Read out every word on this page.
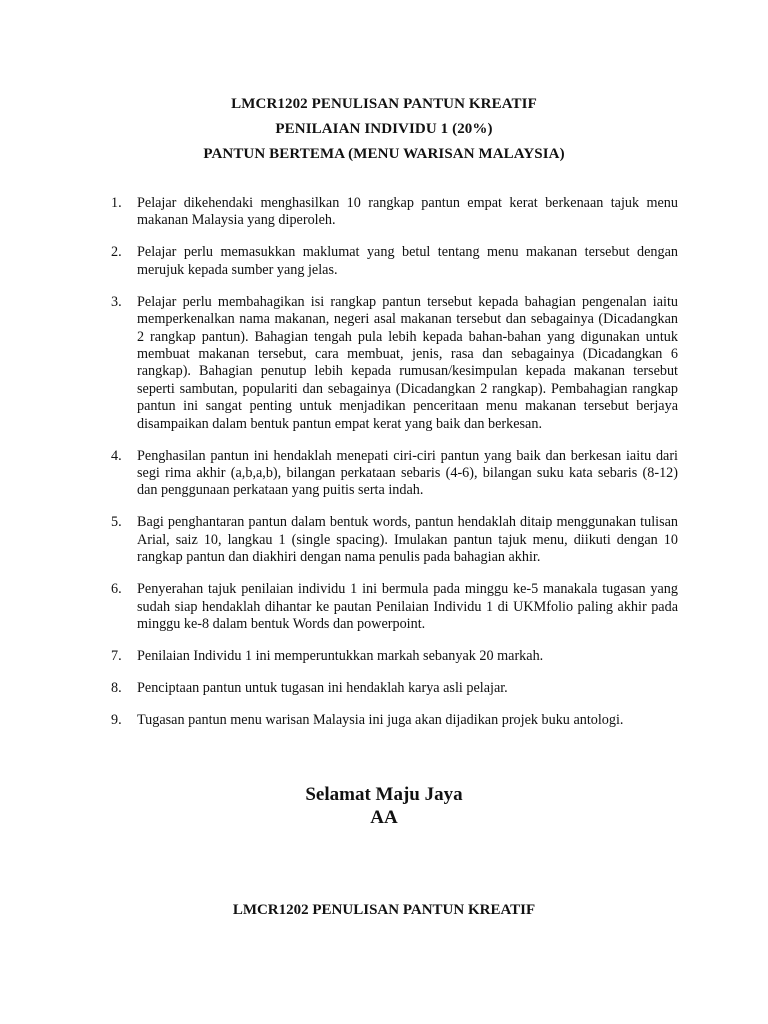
LMCR1202 PENULISAN PANTUN KREATIF
PENILAIAN INDIVIDU 1 (20%)
PANTUN BERTEMA (MENU WARISAN MALAYSIA)
1. Pelajar dikehendaki menghasilkan 10 rangkap pantun empat kerat berkenaan tajuk menu makanan Malaysia yang diperoleh.
2. Pelajar perlu memasukkan maklumat yang betul tentang menu makanan tersebut dengan merujuk kepada sumber yang jelas.
3. Pelajar perlu membahagikan isi rangkap pantun tersebut kepada bahagian pengenalan iaitu memperkenalkan nama makanan, negeri asal makanan tersebut dan sebagainya (Dicadangkan 2 rangkap pantun). Bahagian tengah pula lebih kepada bahan-bahan yang digunakan untuk membuat makanan tersebut, cara membuat, jenis, rasa dan sebagainya (Dicadangkan 6 rangkap). Bahagian penutup lebih kepada rumusan/kesimpulan kepada makanan tersebut seperti sambutan, populariti dan sebagainya (Dicadangkan 2 rangkap). Pembahagian rangkap pantun ini sangat penting untuk menjadikan penceritaan menu makanan tersebut berjaya disampaikan dalam bentuk pantun empat kerat yang baik dan berkesan.
4. Penghasilan pantun ini hendaklah menepati ciri-ciri pantun yang baik dan berkesan iaitu dari segi rima akhir (a,b,a,b), bilangan perkataan sebaris (4-6), bilangan suku kata sebaris (8-12) dan penggunaan perkataan yang puitis serta indah.
5. Bagi penghantaran pantun dalam bentuk words, pantun hendaklah ditaip menggunakan tulisan Arial, saiz 10, langkau 1 (single spacing). Imulakan pantun tajuk menu, diikuti dengan 10 rangkap pantun dan diakhiri dengan nama penulis pada bahagian akhir.
6. Penyerahan tajuk penilaian individu 1 ini bermula pada minggu ke-5 manakala tugasan yang sudah siap hendaklah dihantar ke pautan Penilaian Individu 1 di UKMfolio paling akhir pada minggu ke-8 dalam bentuk Words dan powerpoint.
7. Penilaian Individu 1 ini memperuntukkan markah sebanyak 20 markah.
8. Penciptaan pantun untuk tugasan ini hendaklah karya asli pelajar.
9. Tugasan pantun menu warisan Malaysia ini juga akan dijadikan projek buku antologi.
Selamat Maju Jaya
AA
LMCR1202 PENULISAN PANTUN KREATIF
